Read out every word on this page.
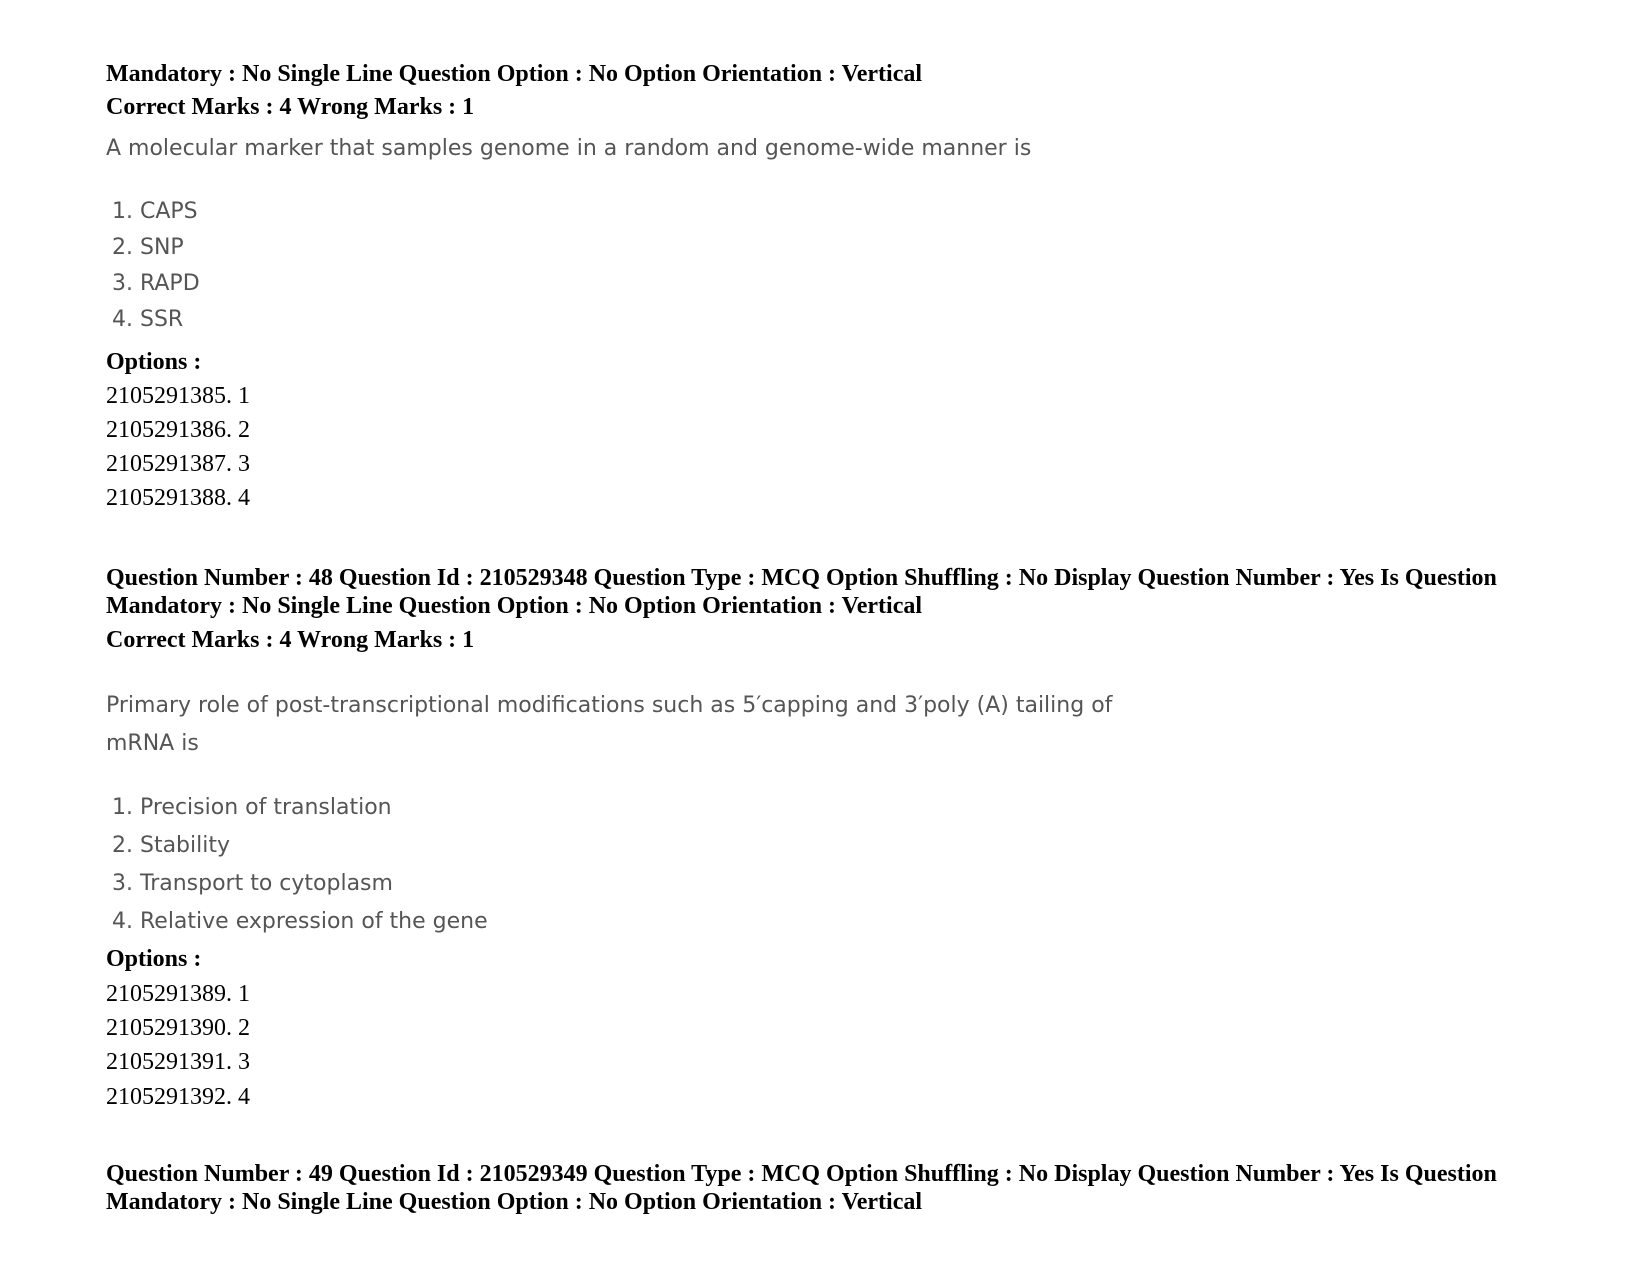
Mandatory : No Single Line Question Option : No Option Orientation : Vertical
Correct Marks : 4 Wrong Marks : 1
A molecular marker that samples genome in a random and genome-wide manner is
1. CAPS
2. SNP
3. RAPD
4. SSR
Options :
2105291385. 1
2105291386. 2
2105291387. 3
2105291388. 4
Question Number : 48 Question Id : 210529348 Question Type : MCQ Option Shuffling : No Display Question Number : Yes Is Question
Mandatory : No Single Line Question Option : No Option Orientation : Vertical
Correct Marks : 4 Wrong Marks : 1
Primary role of post-transcriptional modifications such as 5′capping and 3′poly (A) tailing of
mRNA is
1. Precision of translation
2. Stability
3. Transport to cytoplasm
4. Relative expression of the gene
Options :
2105291389. 1
2105291390. 2
2105291391. 3
2105291392. 4
Question Number : 49 Question Id : 210529349 Question Type : MCQ Option Shuffling : No Display Question Number : Yes Is Question
Mandatory : No Single Line Question Option : No Option Orientation : Vertical
